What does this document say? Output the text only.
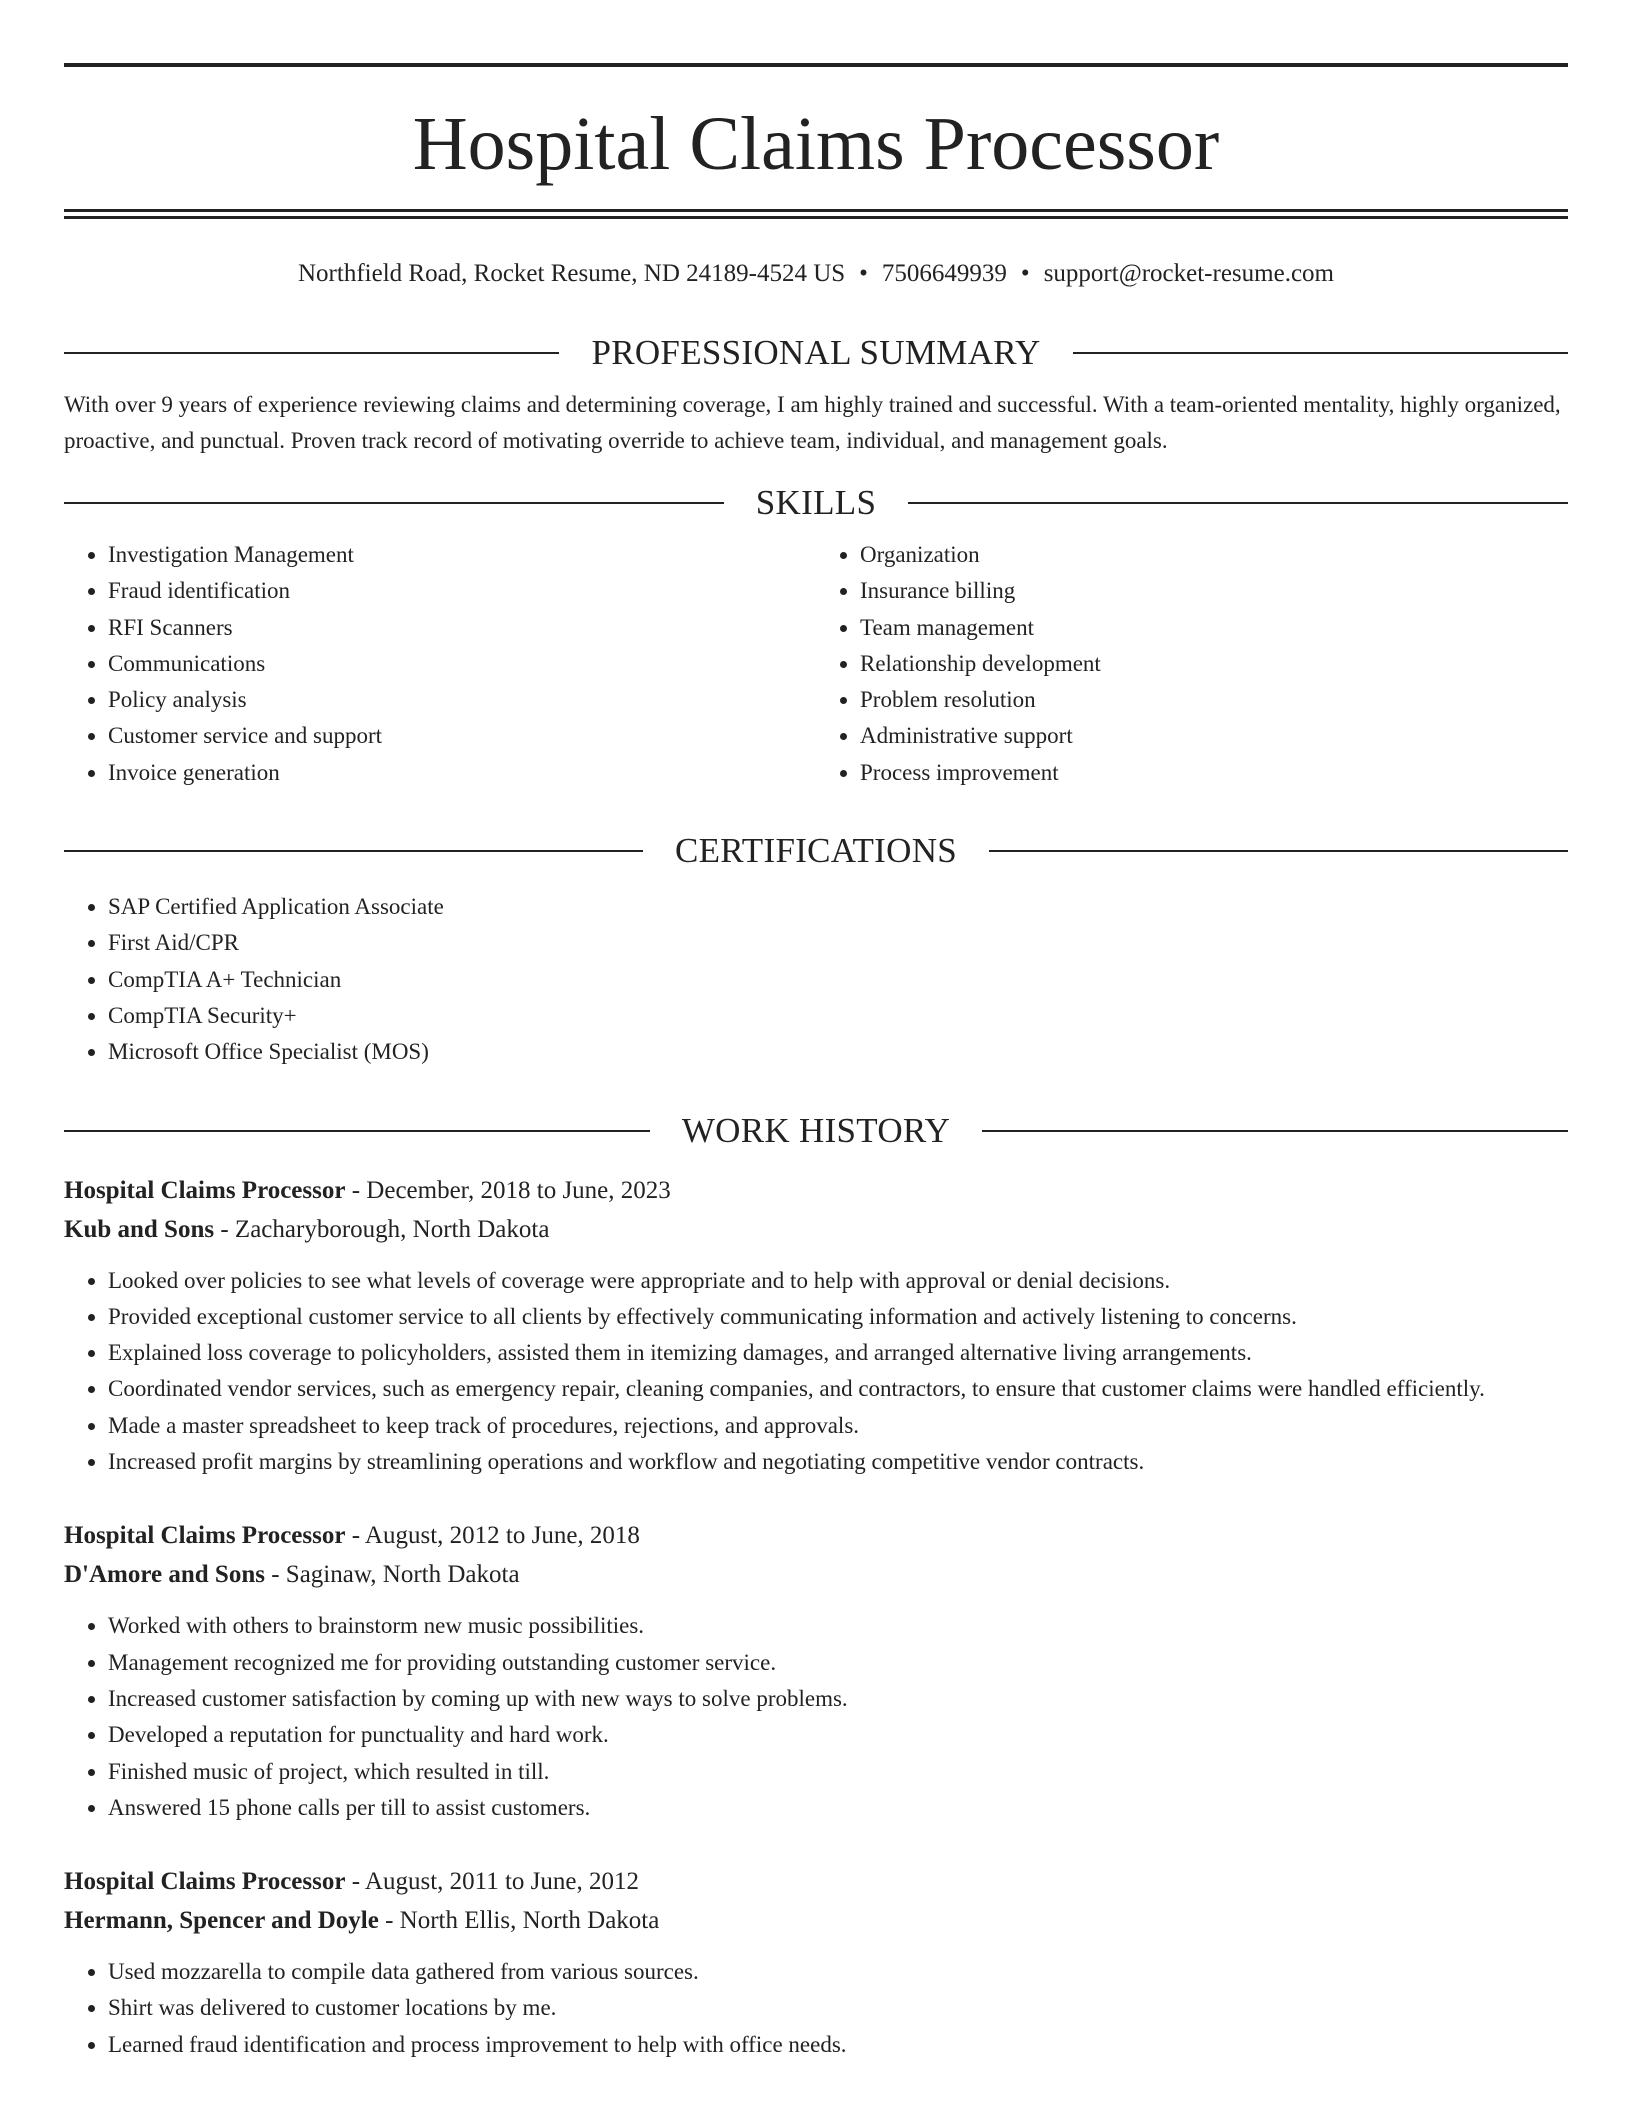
Hospital Claims Processor
Northfield Road, Rocket Resume, ND 24189-4524 US • 7506649939 • support@rocket-resume.com
PROFESSIONAL SUMMARY

With over 9 years of experience reviewing claims and determining coverage, I am highly trained and successful. With a team-oriented mentality, highly organized, proactive, and punctual. Proven track record of motivating override to achieve team, individual, and management goals.

SKILLS
• Investigation Management
• Fraud identification
• RFI Scanners
• Communications
• Policy analysis
• Customer service and support
• Invoice generation
• Organization
• Insurance billing
• Team management
• Relationship development
• Problem resolution
• Administrative support
• Process improvement
CERTIFICATIONS
• SAP Certified Application Associate
• First Aid/CPR
• CompTIA A+ Technician
• CompTIA Security+
• Microsoft Office Specialist (MOS)
WORK HISTORY
Hospital Claims Processor - December, 2018 to June, 2023
Kub and Sons - Zacharyborough, North Dakota
• Looked over policies to see what levels of coverage were appropriate and to help with approval or denial decisions.
• Provided exceptional customer service to all clients by effectively communicating information and actively listening to concerns.
• Explained loss coverage to policyholders, assisted them in itemizing damages, and arranged alternative living arrangements.
• Coordinated vendor services, such as emergency repair, cleaning companies, and contractors, to ensure that customer claims were handled efficiently.
• Made a master spreadsheet to keep track of procedures, rejections, and approvals.
• Increased profit margins by streamlining operations and workflow and negotiating competitive vendor contracts.
Hospital Claims Processor - August, 2012 to June, 2018
D'Amore and Sons - Saginaw, North Dakota
• Worked with others to brainstorm new music possibilities.
• Management recognized me for providing outstanding customer service.
• Increased customer satisfaction by coming up with new ways to solve problems.
• Developed a reputation for punctuality and hard work.
• Finished music of project, which resulted in till.
• Answered 15 phone calls per till to assist customers.
Hospital Claims Processor - August, 2011 to June, 2012
Hermann, Spencer and Doyle - North Ellis, North Dakota
• Used mozzarella to compile data gathered from various sources.
• Shirt was delivered to customer locations by me.
• Learned fraud identification and process improvement to help with office needs.
